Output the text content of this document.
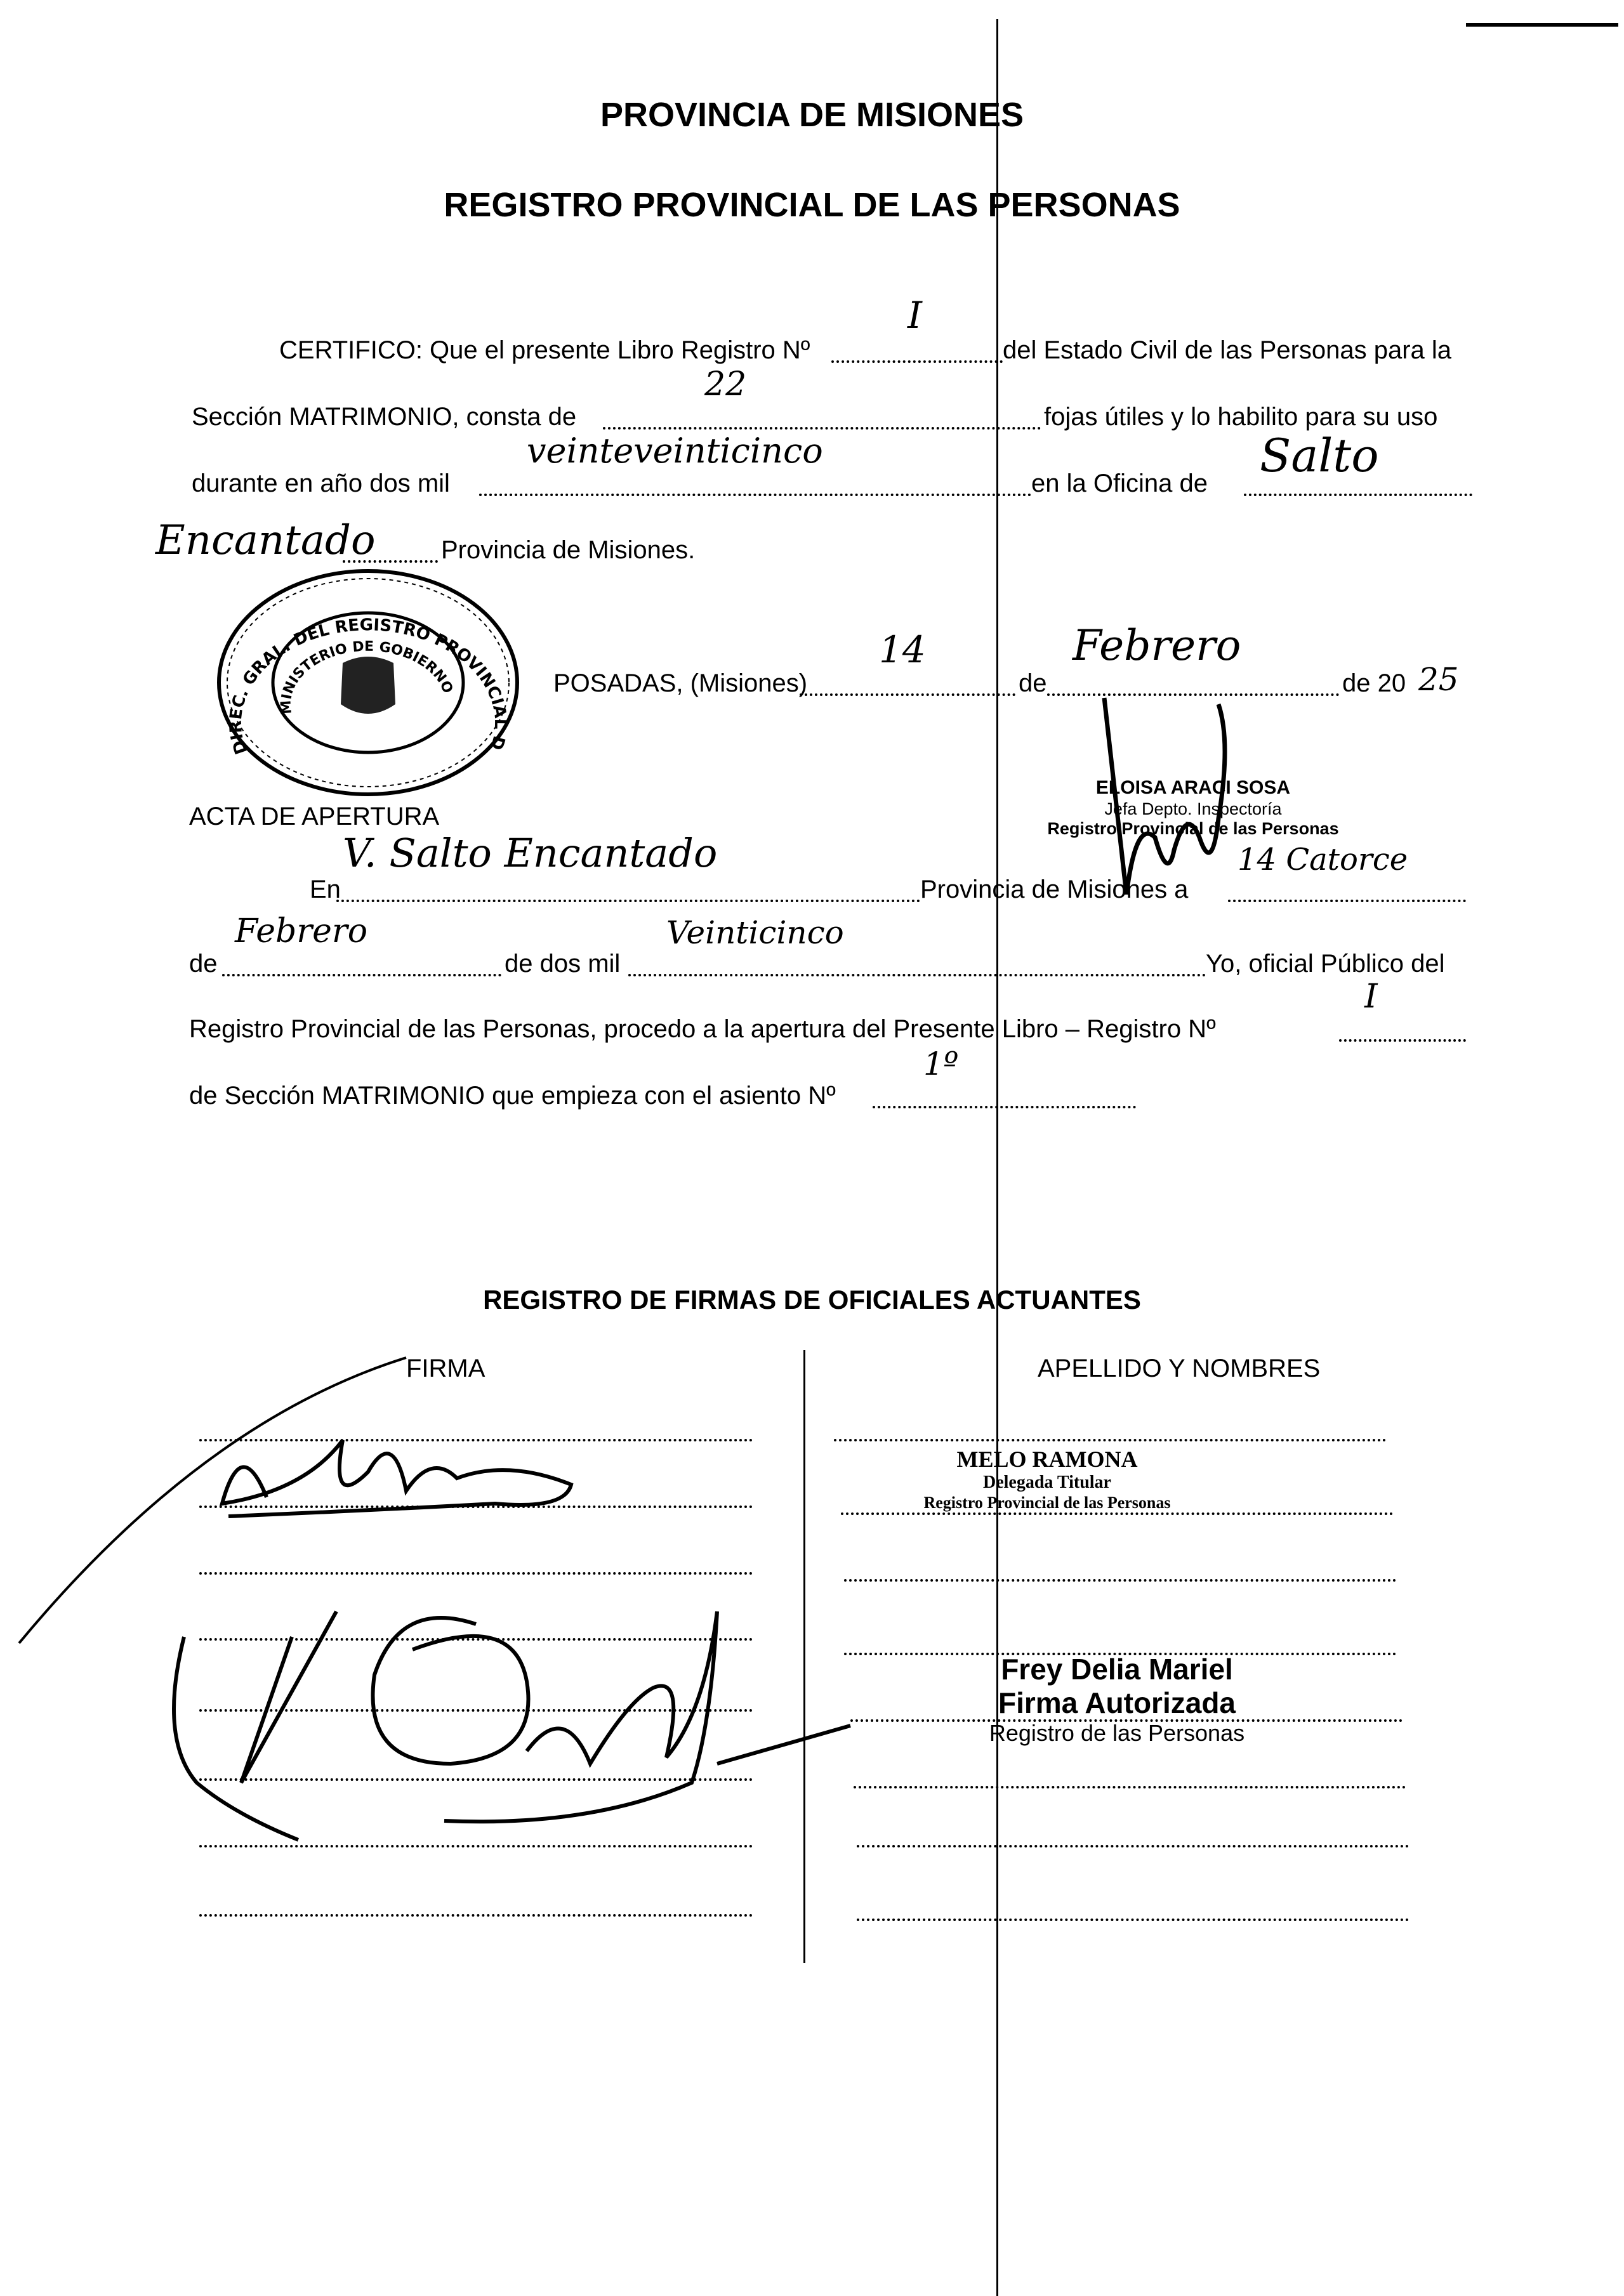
PROVINCIA DE MISIONES
REGISTRO PROVINCIAL DE LAS PERSONAS
CERTIFICO: Que el presente Libro Registro Nº
I
del Estado Civil de las Personas para la
Sección MATRIMONIO, consta de
22
fojas útiles y lo habilito para su uso
durante en año dos mil
veinteveinticinco
en la Oficina de
Salto
Encantado	Provincia de Misiones.
DIREC. GRAL. DEL REGISTRO PROVINCIAL D
MINISTERIO DE GOBIERNO	POSADAS, (Misiones)
14
de
Febrero
de 20 25
ELOISA ARACI SOSA
Jefa Depto. Inspectoría
Registro Provincial de las Personas
ACTA DE APERTURA
En
V. Salto Encantado
Provincia de Misiones a
14 Catorce
de
Febrero
de dos mil
Veinticinco
Yo, oficial Público del
Registro Provincial de las Personas, procedo a la apertura del Presente Libro – Registro Nº
I
de Sección MATRIMONIO que empieza con el asiento Nº
1º
REGISTRO DE FIRMAS DE OFICIALES ACTUANTES
FIRMA	APELLIDO Y NOMBRES
MELO RAMONA
Delegada Titular
Registro Provincial de las Personas
Frey Delia Mariel
Firma Autorizada
Registro de las Personas
